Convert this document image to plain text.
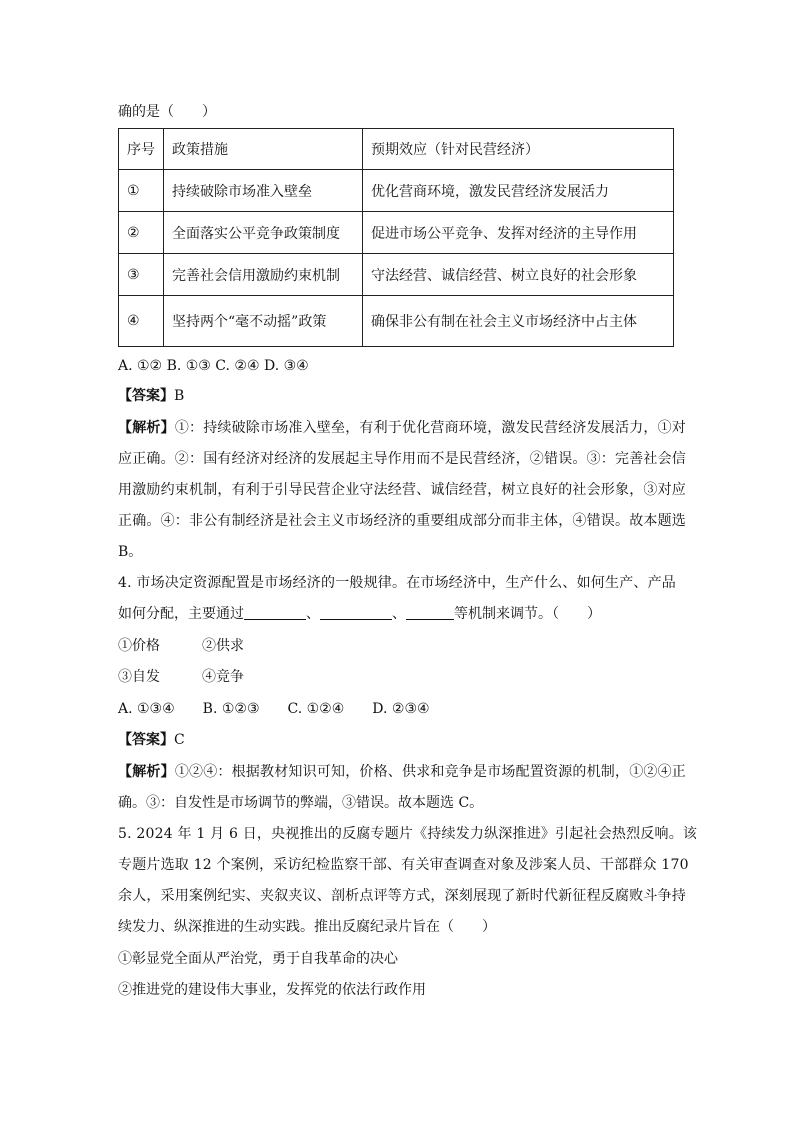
确的是（　　）
序号	政策措施	预期效应（针对民营经济）
①	持续破除市场准入壁垒	优化营商环境，激发民营经济发展活力
②	全面落实公平竞争政策制度	促进市场公平竞争、发挥对经济的主导作用
③	完善社会信用激励约束机制	守法经营、诚信经营、树立良好的社会形象
④	坚持两个“毫不动摇”政策	确保非公有制在社会主义市场经济中占主体
A. ①② B. ①③ C. ②④ D. ③④
【答案】B
【解析】①：持续破除市场准入壁垒，有利于优化营商环境，激发民营经济发展活力，①对
应正确。②：国有经济对经济的发展起主导作用而不是民营经济，②错误。③：完善社会信
用激励约束机制，有利于引导民营企业守法经营、诚信经营，树立良好的社会形象，③对应
正确。④：非公有制经济是社会主义市场经济的重要组成部分而非主体，④错误。故本题选
B。
4. 市场决定资源配置是市场经济的一般规律。在市场经济中，生产什么、如何生产、产品
如何分配，主要通过	、	、	等机制来调节。（　　）
①价格　　　②供求
③自发　　　④竞争
A. ①③④　　B. ①②③　　C. ①②④　　D. ②③④
【答案】C
【解析】①②④：根据教材知识可知，价格、供求和竞争是市场配置资源的机制，①②④正
确。③：自发性是市场调节的弊端，③错误。故本题选 C。
5. 2024 年 1 月 6 日，央视推出的反腐专题片《持续发力纵深推进》引起社会热烈反响。该
专题片选取 12 个案例，采访纪检监察干部、有关审查调查对象及涉案人员、干部群众 170
余人，采用案例纪实、夹叙夹议、剖析点评等方式，深刻展现了新时代新征程反腐败斗争持
续发力、纵深推进的生动实践。推出反腐纪录片旨在（　　）
①彰显党全面从严治党，勇于自我革命的决心
②推进党的建设伟大事业，发挥党的依法行政作用
